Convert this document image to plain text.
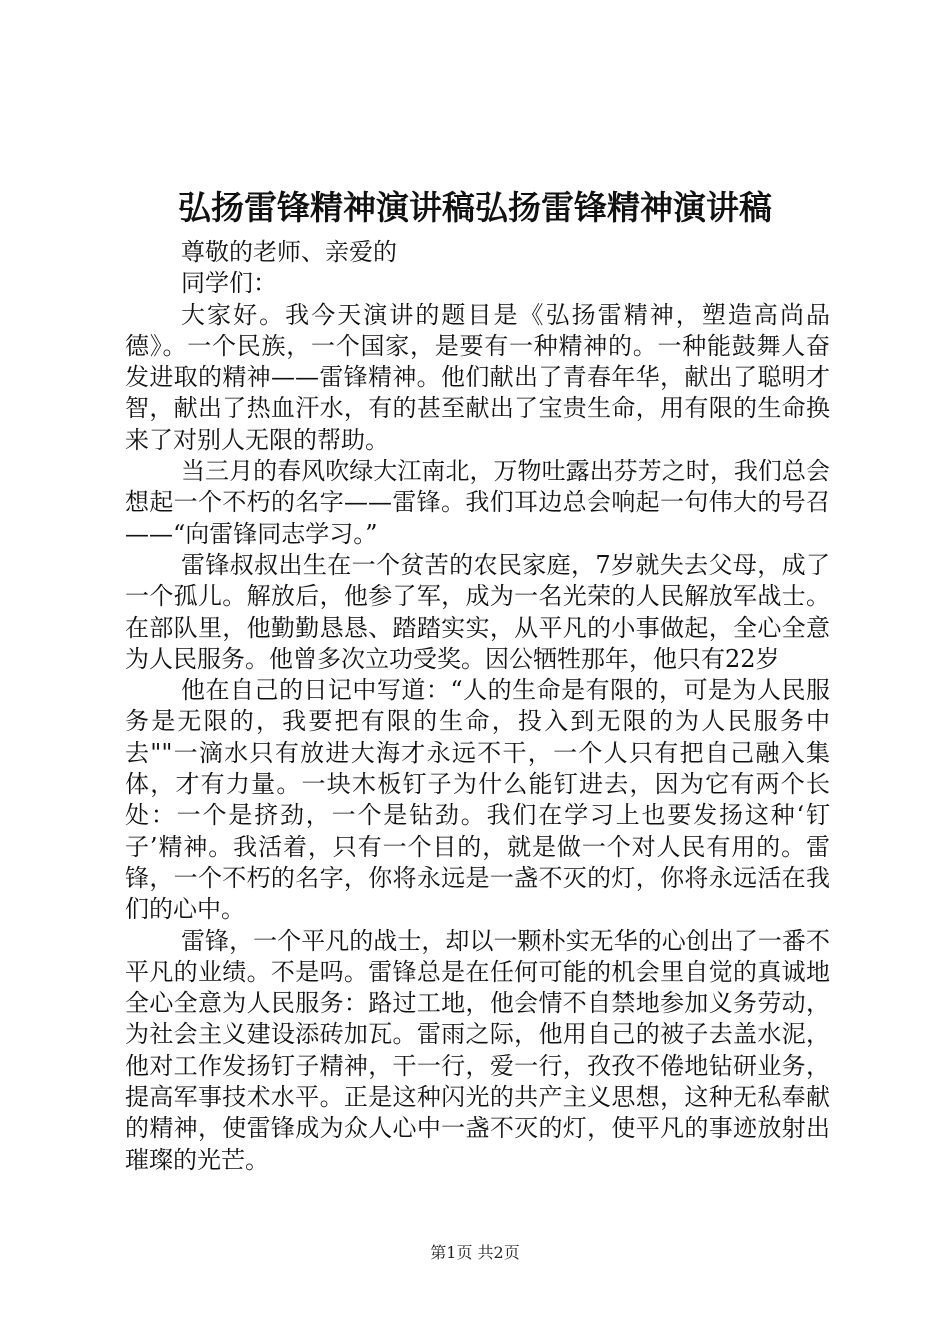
弘扬雷锋精神演讲稿弘扬雷锋精神演讲稿

尊敬的老师、亲爱的

同学们：

大家好。我今天演讲的题目是《弘扬雷精神，塑造高尚品德》。一个民族，一个国家，是要有一种精神的。一种能鼓舞人奋发进取的精神——雷锋精神。他们献出了青春年华，献出了聪明才智，献出了热血汗水，有的甚至献出了宝贵生命，用有限的生命换来了对别人无限的帮助。

当三月的春风吹绿大江南北，万物吐露出芬芳之时，我们总会想起一个不朽的名字——雷锋。我们耳边总会响起一句伟大的号召——“向雷锋同志学习。”

雷锋叔叔出生在一个贫苦的农民家庭，7岁就失去父母，成了一个孤儿。解放后，他参了军，成为一名光荣的人民解放军战士。在部队里，他勤勤恳恳、踏踏实实，从平凡的小事做起，全心全意为人民服务。他曾多次立功受奖。因公牺牲那年，他只有22岁

他在自己的日记中写道：“人的生命是有限的，可是为人民服务是无限的，我要把有限的生命，投入到无限的为人民服务中去""一滴水只有放进大海才永远不干，一个人只有把自己融入集体，才有力量。一块木板钉子为什么能钉进去，因为它有两个长处：一个是挤劲，一个是钻劲。我们在学习上也要发扬这种‘钉子’精神。我活着，只有一个目的，就是做一个对人民有用的。雷锋，一个不朽的名字，你将永远是一盏不灭的灯，你将永远活在我们的心中。

雷锋，一个平凡的战士，却以一颗朴实无华的心创出了一番不平凡的业绩。不是吗。雷锋总是在任何可能的机会里自觉的真诚地全心全意为人民服务：路过工地，他会情不自禁地参加义务劳动，为社会主义建设添砖加瓦。雷雨之际，他用自己的被子去盖水泥，他对工作发扬钉子精神，干一行，爱一行，孜孜不倦地钻研业务，提高军事技术水平。正是这种闪光的共产主义思想，这种无私奉献的精神，使雷锋成为众人心中一盏不灭的灯，使平凡的事迹放射出璀璨的光芒。

第1页 共2页
